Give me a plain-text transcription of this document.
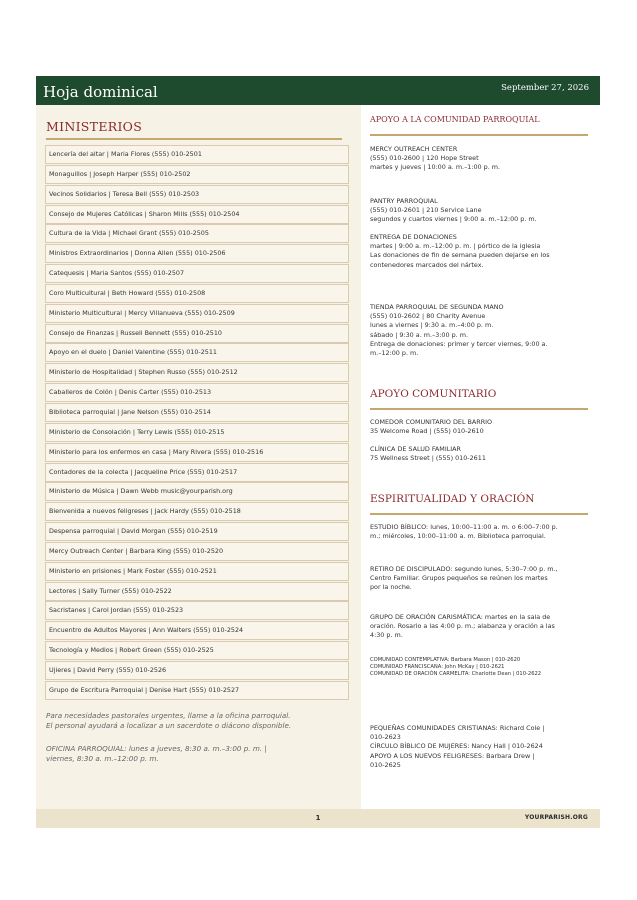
Hoja dominical	September 27, 2026
MINISTERIOS
Lencería del altar | Maria Flores (555) 010-2501
Monaguillos | Joseph Harper (555) 010-2502
Vecinos Solidarios | Teresa Bell (555) 010-2503
Consejo de Mujeres Católicas | Sharon Mills (555) 010-2504
Cultura de la Vida | Michael Grant (555) 010-2505
Ministros Extraordinarios | Donna Allen (555) 010-2506
Catequesis | Maria Santos (555) 010-2507
Coro Multicultural | Beth Howard (555) 010-2508
Ministerio Multicultural | Mercy Villanueva (555) 010-2509
Consejo de Finanzas | Russell Bennett (555) 010-2510
Apoyo en el duelo | Daniel Valentine (555) 010-2511
Ministerio de Hospitalidad | Stephen Russo (555) 010-2512
Caballeros de Colón | Denis Carter (555) 010-2513
Biblioteca parroquial | Jane Nelson (555) 010-2514
Ministerio de Consolación | Terry Lewis (555) 010-2515
Ministerio para los enfermos en casa | Mary Rivera (555) 010-2516
Contadores de la colecta | Jacqueline Price (555) 010-2517
Ministerio de Música | Dawn Webb music@yourparish.org
Bienvenida a nuevos feligreses | Jack Hardy (555) 010-2518
Despensa parroquial | David Morgan (555) 010-2519
Mercy Outreach Center | Barbara King (555) 010-2520
Ministerio en prisiones | Mark Foster (555) 010-2521
Lectores | Sally Turner (555) 010-2522
Sacristanes | Carol Jordan (555) 010-2523
Encuentro de Adultos Mayores | Ann Walters (555) 010-2524
Tecnología y Medios | Robert Green (555) 010-2525
Ujieres | David Perry (555) 010-2526
Grupo de Escritura Parroquial | Denise Hart (555) 010-2527
Para necesidades pastorales urgentes, llame a la oficina parroquial.
El personal ayudará a localizar a un sacerdote o diácono disponible.
OFICINA PARROQUIAL: lunes a jueves, 8:30 a. m.–3:00 p. m. |
viernes, 8:30 a. m.–12:00 p. m.
APOYO A LA COMUNIDAD PARROQUIAL
MERCY OUTREACH CENTER
(555) 010-2600 | 120 Hope Street
martes y jueves | 10:00 a. m.–1:00 p. m.
PANTRY PARROQUIAL
(555) 010-2601 | 210 Service Lane
segundos y cuartos viernes | 9:00 a. m.–12:00 p. m.
ENTREGA DE DONACIONES
martes | 9:00 a. m.–12:00 p. m. | pórtico de la iglesia
Las donaciones de fin de semana pueden dejarse en los
contenedores marcados del nártex.
TIENDA PARROQUIAL DE SEGUNDA MANO
(555) 010-2602 | 80 Charity Avenue
lunes a viernes | 9:30 a. m.–4:00 p. m.
sábado | 9:30 a. m.–3:00 p. m.
Entrega de donaciones: primer y tercer viernes, 9:00 a.
m.–12:00 p. m.
APOYO COMUNITARIO
COMEDOR COMUNITARIO DEL BARRIO
35 Welcome Road | (555) 010-2610
CLÍNICA DE SALUD FAMILIAR
75 Wellness Street | (555) 010-2611
ESPIRITUALIDAD Y ORACIÓN
ESTUDIO BÍBLICO: lunes, 10:00–11:00 a. m. o 6:00–7:00 p.
m.; miércoles, 10:00–11:00 a. m. Biblioteca parroquial.
RETIRO DE DISCIPULADO: segundo lunes, 5:30–7:00 p. m.,
Centro Familiar. Grupos pequeños se reúnen los martes
por la noche.
GRUPO DE ORACIÓN CARISMÁTICA: martes en la sala de
oración. Rosario a las 4:00 p. m.; alabanza y oración a las
4:30 p. m.
COMUNIDAD CONTEMPLATIVA: Barbara Mason | 010-2620
COMUNIDAD FRANCISCANA: John McKay | 010-2621
COMUNIDAD DE ORACIÓN CARMELITA: Charlotte Dean | 010-2622
PEQUEÑAS COMUNIDADES CRISTIANAS: Richard Cole |
010-2623
CÍRCULO BÍBLICO DE MUJERES: Nancy Hall | 010-2624
APOYO A LOS NUEVOS FELIGRESES: Barbara Drew |
010-2625
1	YOURPARISH.ORG
